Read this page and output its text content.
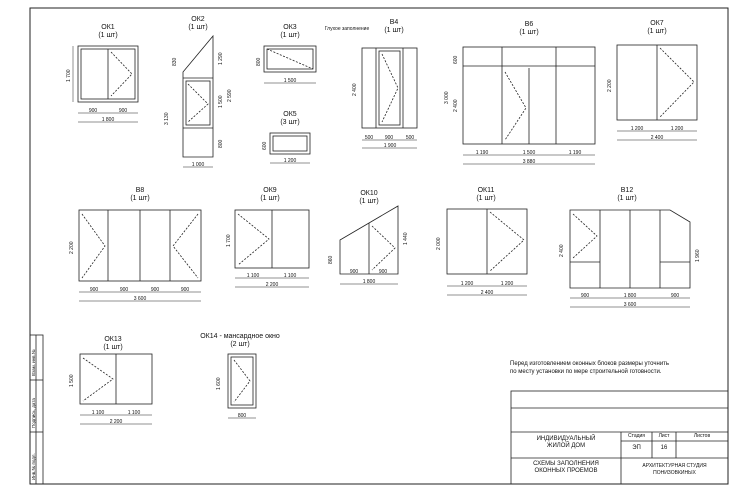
ОК1
(1 шт)
ОК2
(1 шт)	ОК3
(1 шт)
ОК5
(3 шт)
В4
(1 шт)
Глухое заполнение
В6
(1 шт)
ОК7
(1 шт)
В8
(1 шт)
ОК9
(1 шт)
ОК10
(1 шт)
ОК11
(1 шт)
В12
(1 шт)
ОК13
(1 шт)
ОК14 - мансардное окно
(2 шт)
900	900
1 800
1 700
1 000
830
3 130
1 290
1 500
800
2 590
1 500
800
1 200
600
500	900	500
1 900
2 400
1 190	1 500	1 190
3 880
600
2 400
3 000
1 200	1 200
2 400
2 200
900	900	900	900
3 600
2 200
1 100	1 100
2 200
1 700
900	900
1 800
860
1 440
1 200	1 200
2 400
2 000
900	1 800	900
3 600
2 400	1 960
1 100	1 100
2 200
1 500
800
1 600
Перед изготовлением оконных блоков размеры уточнить
по месту установки по мере строительной готовности.
ИНДИВИДУАЛЬНЫЙ
ЖИЛОЙ ДОМ
СХЕМЫ ЗАПОЛНЕНИЯ
ОКОННЫХ ПРОЕМОВ
Стадия	Лист	Листов
ЭП	16
АРХИТЕКТУРНАЯ СТУДИЯ
ПОНИЗОВКИНЫХ
Инв.№ подл.
Подпись, дата
Взам. инв.№
